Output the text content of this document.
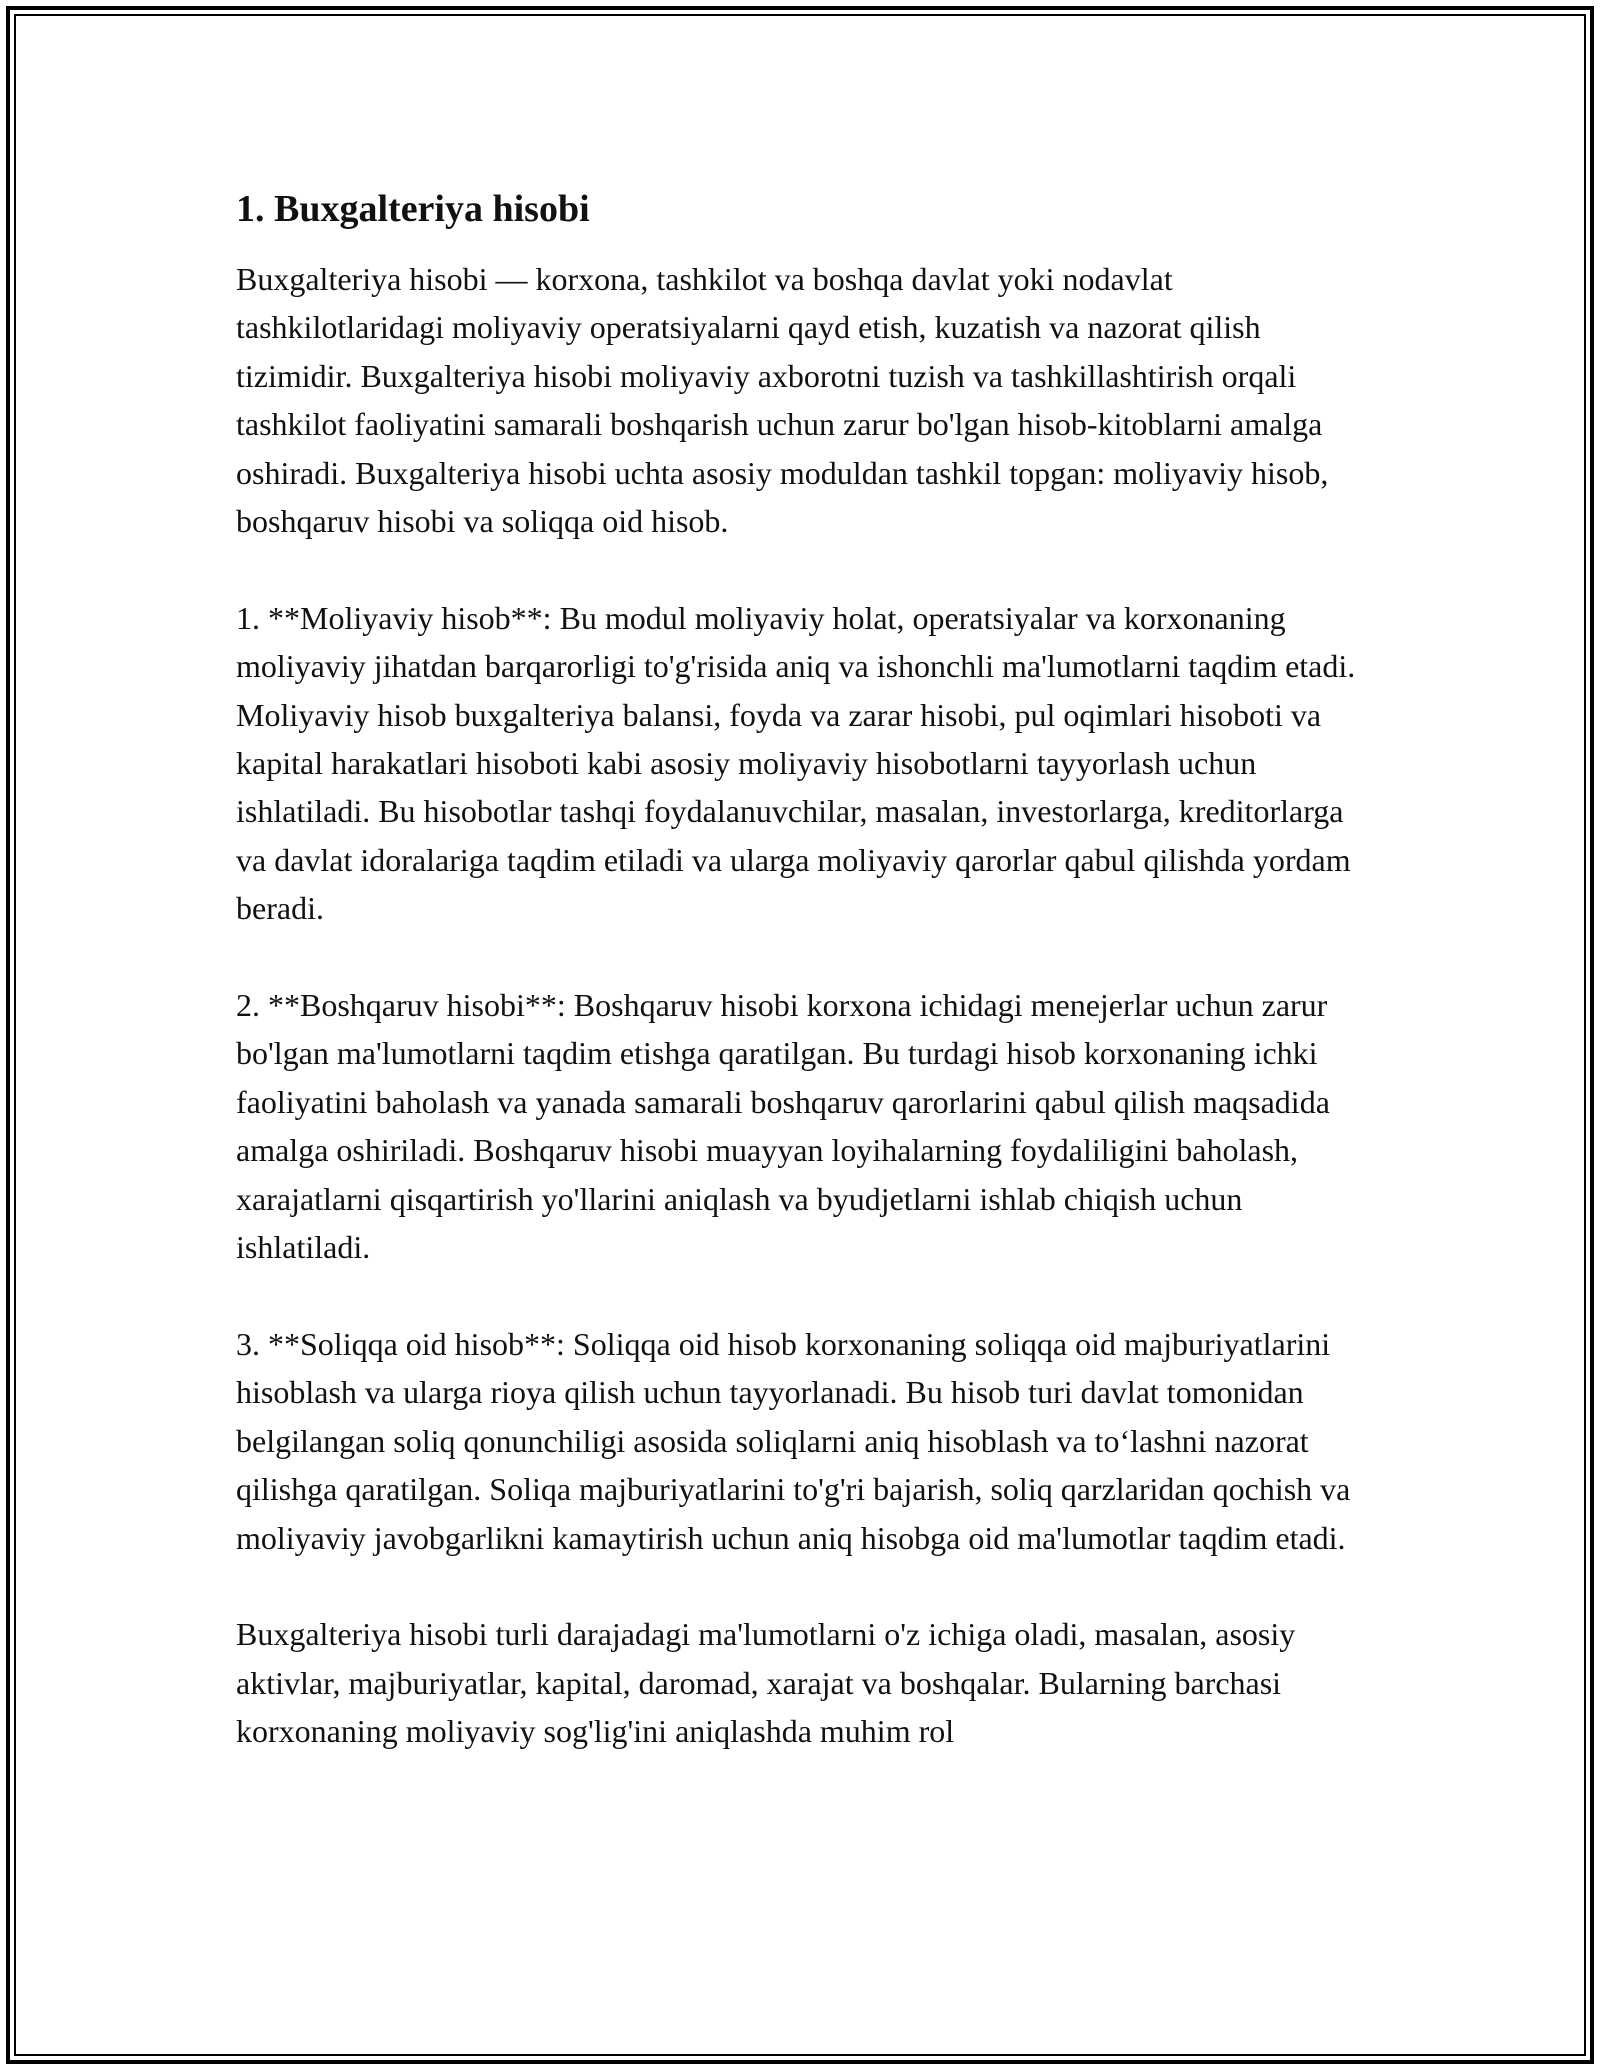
1. Buxgalteriya hisobi

Buxgalteriya hisobi — korxona, tashkilot va boshqa davlat yoki nodavlat tashkilotlaridagi moliyaviy operatsiyalarni qayd etish, kuzatish va nazorat qilish tizimidir. Buxgalteriya hisobi moliyaviy axborotni tuzish va tashkillashtirish orqali tashkilot faoliyatini samarali boshqarish uchun zarur bo'lgan hisob-kitoblarni amalga oshiradi. Buxgalteriya hisobi uchta asosiy moduldan tashkil topgan: moliyaviy hisob, boshqaruv hisobi va soliqqa oid hisob.

1. **Moliyaviy hisob**: Bu modul moliyaviy holat, operatsiyalar va korxonaning moliyaviy jihatdan barqarorligi to'g'risida aniq va ishonchli ma'lumotlarni taqdim etadi. Moliyaviy hisob buxgalteriya balansi, foyda va zarar hisobi, pul oqimlari hisoboti va kapital harakatlari hisoboti kabi asosiy moliyaviy hisobotlarni tayyorlash uchun ishlatiladi. Bu hisobotlar tashqi foydalanuvchilar, masalan, investorlarga, kreditorlarga va davlat idoralariga taqdim etiladi va ularga moliyaviy qarorlar qabul qilishda yordam beradi.

2. **Boshqaruv hisobi**: Boshqaruv hisobi korxona ichidagi menejerlar uchun zarur bo'lgan ma'lumotlarni taqdim etishga qaratilgan. Bu turdagi hisob korxonaning ichki faoliyatini baholash va yanada samarali boshqaruv qarorlarini qabul qilish maqsadida amalga oshiriladi. Boshqaruv hisobi muayyan loyihalarning foydaliligini baholash, xarajatlarni qisqartirish yo'llarini aniqlash va byudjetlarni ishlab chiqish uchun ishlatiladi.

3. **Soliqqa oid hisob**: Soliqqa oid hisob korxonaning soliqqa oid majburiyatlarini hisoblash va ularga rioya qilish uchun tayyorlanadi. Bu hisob turi davlat tomonidan belgilangan soliq qonunchiligi asosida soliqlarni aniq hisoblash va to‘lashni nazorat qilishga qaratilgan. Soliqa majburiyatlarini to'g'ri bajarish, soliq qarzlaridan qochish va moliyaviy javobgarlikni kamaytirish uchun aniq hisobga oid ma'lumotlar taqdim etadi.

Buxgalteriya hisobi turli darajadagi ma'lumotlarni o'z ichiga oladi, masalan, asosiy aktivlar, majburiyatlar, kapital, daromad, xarajat va boshqalar. Bularning barchasi korxonaning moliyaviy sog'lig'ini aniqlashda muhim rol
